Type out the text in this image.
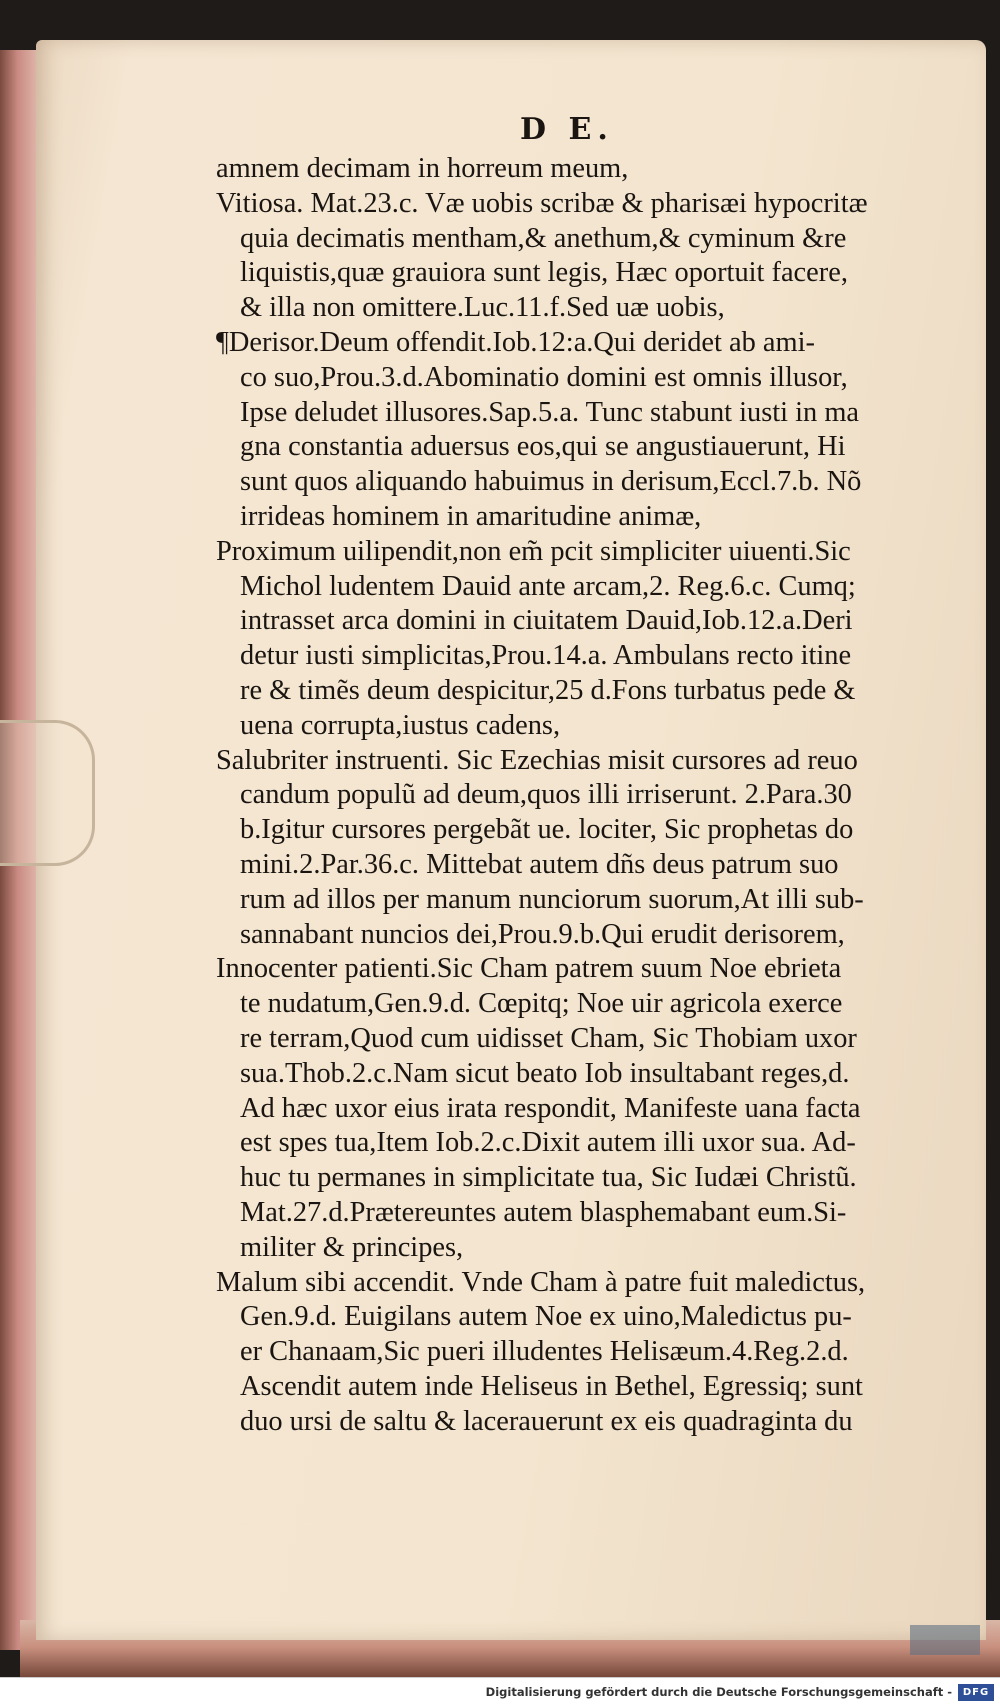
D E.
amnem decimam in horreum meum,
Vitiosa. Mat.23.c. Væ uobis scribæ & pharisæi hypocritæ
quia decimatis mentham,& anethum,& cyminum &re
liquistis,quæ grauiora sunt legis, Hæc oportuit facere,
& illa non omittere.Luc.11.f.Sed uæ uobis,
¶Derisor.Deum offendit.Iob.12:a.Qui deridet ab ami-
co suo,Prou.3.d.Abominatio domini est omnis illusor,
Ipse deludet illusores.Sap.5.a. Tunc stabunt iusti in ma
gna constantia aduersus eos,qui se angustiauerunt, Hi
sunt quos aliquando habuimus in derisum,Eccl.7.b. Nõ
irrideas hominem in amaritudine animæ,
Proximum uilipendit,non em̃ pcit simpliciter uiuenti.Sic
Michol ludentem Dauid ante arcam,2. Reg.6.c. Cumq;
intrasset arca domini in ciuitatem Dauid,Iob.12.a.Deri
detur iusti simplicitas,Prou.14.a. Ambulans recto itine
re & timẽs deum despicitur,25 d.Fons turbatus pede &
uena corrupta,iustus cadens,
Salubriter instruenti. Sic Ezechias misit cursores ad reuo
candum populũ ad deum,quos illi irriserunt. 2.Para.30
b.Igitur cursores pergebãt ue. lociter, Sic prophetas do
mini.2.Par.36.c. Mittebat autem dñs deus patrum suo
rum ad illos per manum nunciorum suorum,At illi sub-
sannabant nuncios dei,Prou.9.b.Qui erudit derisorem,
Innocenter patienti.Sic Cham patrem suum Noe ebrieta
te nudatum,Gen.9.d. Cœpitq; Noe uir agricola exerce
re terram,Quod cum uidisset Cham, Sic Thobiam uxor
sua.Thob.2.c.Nam sicut beato Iob insultabant reges,d.
Ad hæc uxor eius irata respondit, Manifeste uana facta
est spes tua,Item Iob.2.c.Dixit autem illi uxor sua. Ad-
huc tu permanes in simplicitate tua, Sic Iudæi Christũ.
Mat.27.d.Prætereuntes autem blasphemabant eum.Si-
militer & principes,
Malum sibi accendit. Vnde Cham à patre fuit maledictus,
Gen.9.d. Euigilans autem Noe ex uino,Maledictus pu-
er Chanaam,Sic pueri illudentes Helisæum.4.Reg.2.d.
Ascendit autem inde Heliseus in Bethel, Egressiq; sunt
duo ursi de saltu & lacerauerunt ex eis quadraginta du
Digitalisierung gefördert durch die Deutsche Forschungsgemeinschaft -	DFG
